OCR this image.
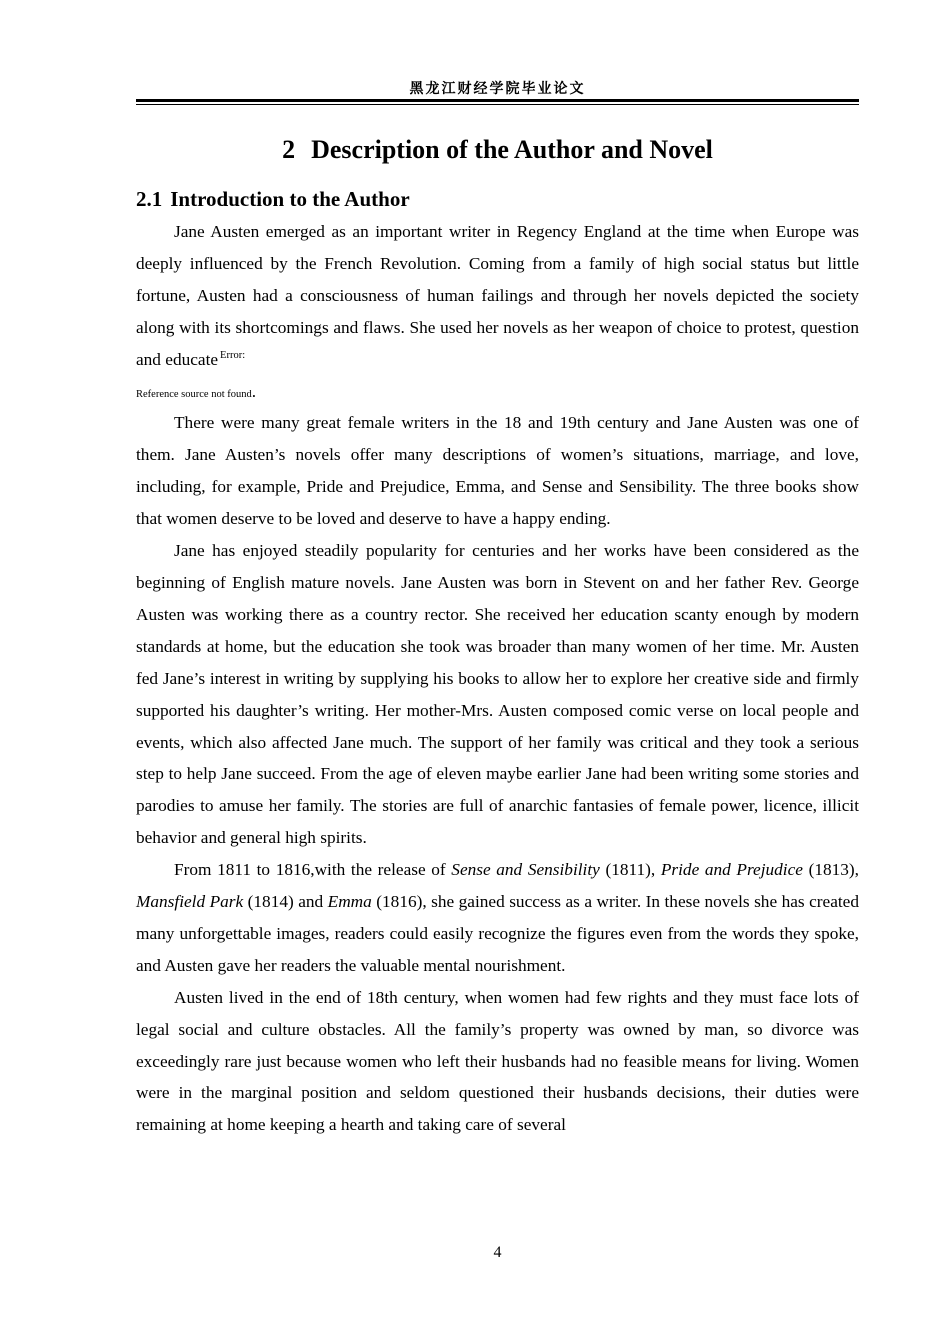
黑龙江财经学院毕业论文
2 Description of the Author and Novel
2.1 Introduction to the Author

Jane Austen emerged as an important writer in Regency England at the time when Europe was deeply influenced by the French Revolution. Coming from a family of high social status but little fortune, Austen had a consciousness of human failings and through her novels depicted the society along with its shortcomings and flaws. She used her novels as her weapon of choice to protest, question and educate $^{Error:}$
Reference source not found.

There were many great female writers in the 18 and 19th century and Jane Austen was one of them. Jane Austen’s novels offer many descriptions of women’s situations, marriage, and love, including, for example, Pride and Prejudice, Emma, and Sense and Sensibility. The three books show that women deserve to be loved and deserve to have a happy ending.

Jane has enjoyed steadily popularity for centuries and her works have been considered as the beginning of English mature novels. Jane Austen was born in Stevent on and her father Rev. George Austen was working there as a country rector. She received her education scanty enough by modern standards at home, but the education she took was broader than many women of her time. Mr. Austen fed Jane’s interest in writing by supplying his books to allow her to explore her creative side and firmly supported his daughter’s writing. Her mother-Mrs. Austen composed comic verse on local people and events, which also affected Jane much. The support of her family was critical and they took a serious step to help Jane succeed. From the age of eleven maybe earlier Jane had been writing some stories and parodies to amuse her family. The stories are full of anarchic fantasies of female power, licence, illicit behavior and general high spirits.

From 1811 to 1816,with the release of Sense and Sensibility (1811), Pride and Prejudice (1813), Mansfield Park (1814) and Emma (1816), she gained success as a writer. In these novels she has created many unforgettable images, readers could easily recognize the figures even from the words they spoke, and Austen gave her readers the valuable mental nourishment.

Austen lived in the end of 18th century, when women had few rights and they must face lots of legal social and culture obstacles. All the family’s property was owned by man, so divorce was exceedingly rare just because women who left their husbands had no feasible means for living. Women were in the marginal position and seldom questioned their husbands decisions, their duties were remaining at home keeping a hearth and taking care of several

4
